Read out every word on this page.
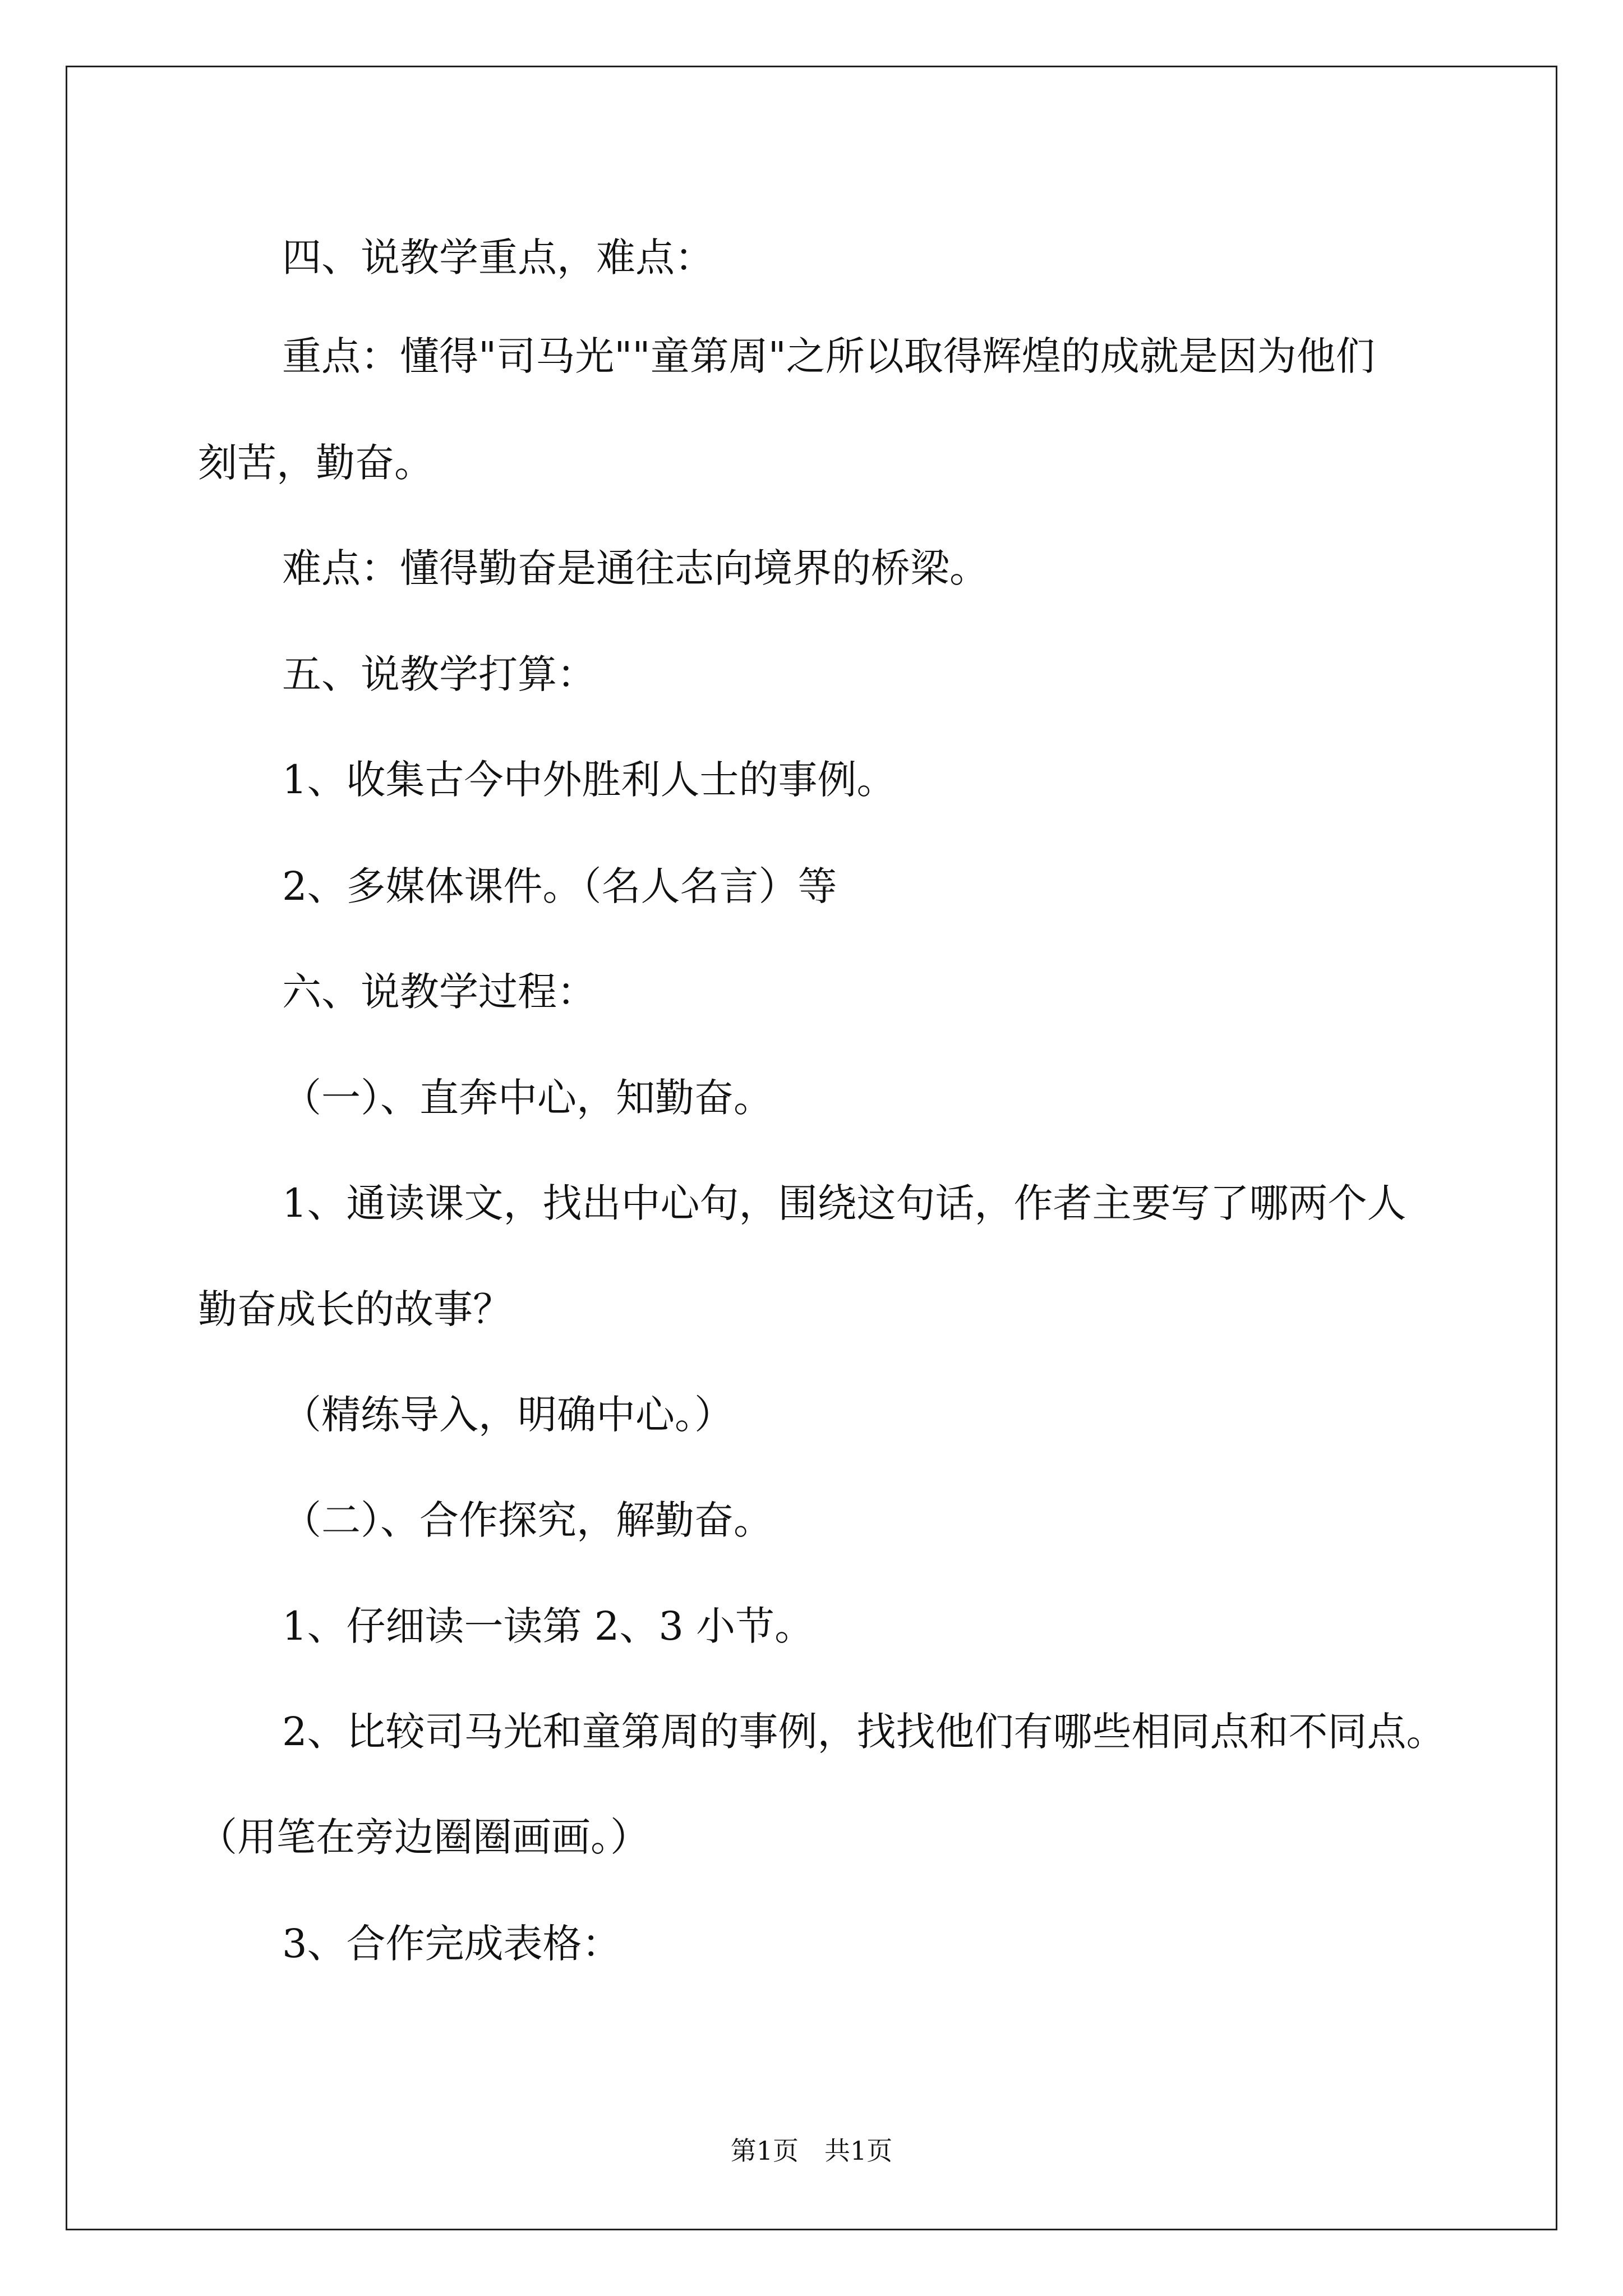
四、说教学重点，难点：
重点：懂得"司马光""童第周"之所以取得辉煌的成就是因为他们
刻苦，勤奋。
难点：懂得勤奋是通往志向境界的桥梁。
五、说教学打算：
1、收集古今中外胜利人士的事例。
2、多媒体课件。（名人名言）等
六、说教学过程：
（一）、直奔中心，知勤奋。
1、通读课文，找出中心句，围绕这句话，作者主要写了哪两个人
勤奋成长的故事？
（精练导入，明确中心。）
（二）、合作探究，解勤奋。
1、仔细读一读第 2、3 小节。
2、比较司马光和童第周的事例，找找他们有哪些相同点和不同点。
（用笔在旁边圈圈画画。）
3、合作完成表格：
第1页　共1页
